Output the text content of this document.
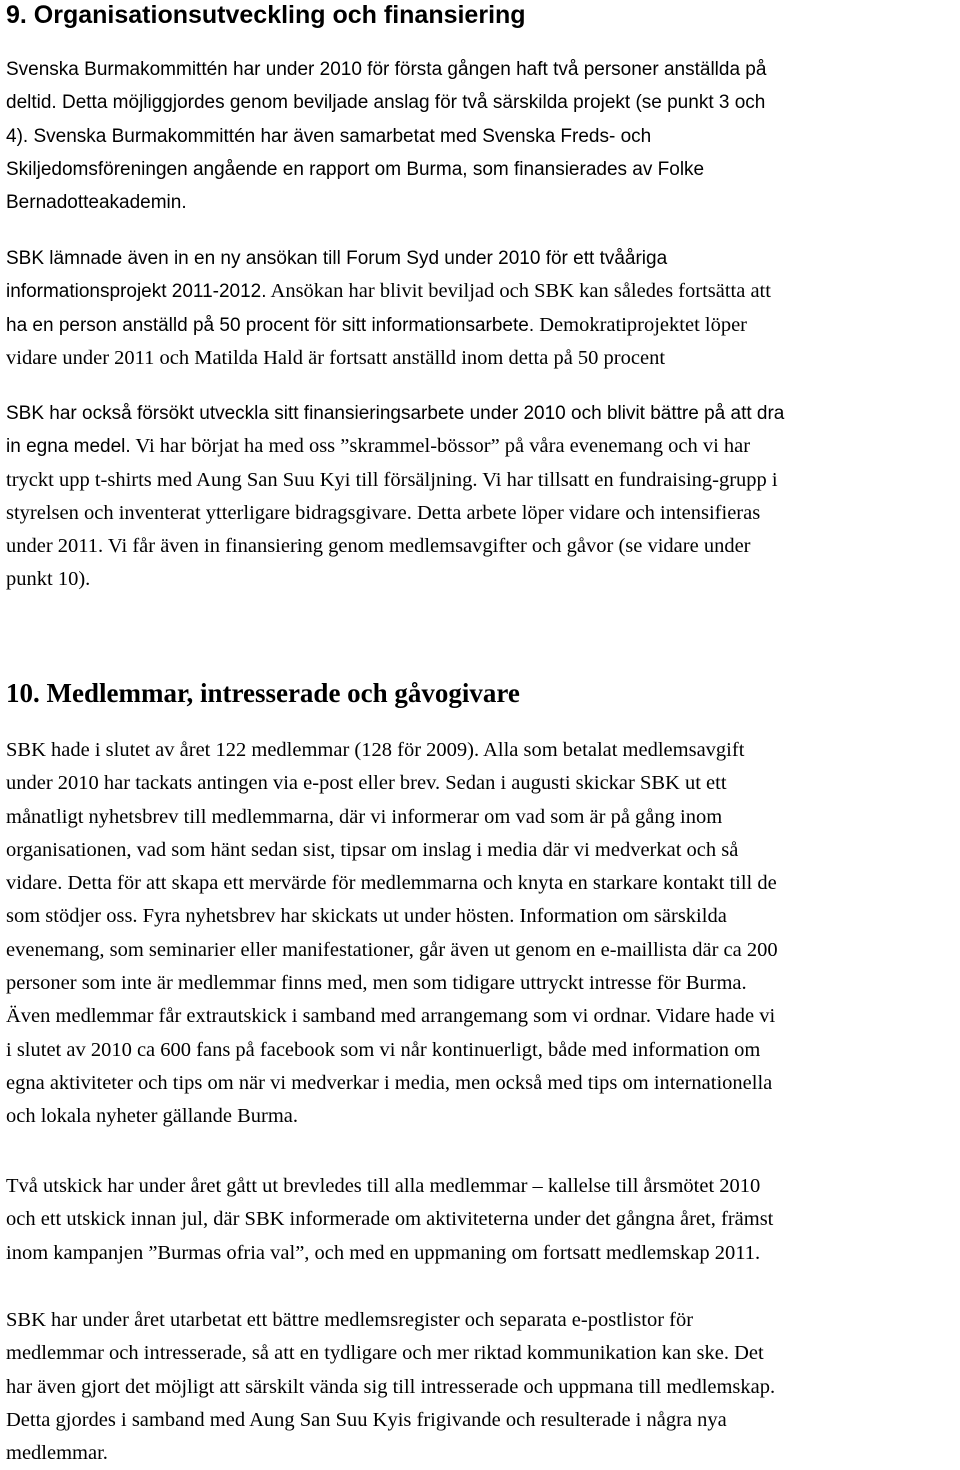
9. Organisationsutveckling och finansiering
Svenska Burmakommittén har under 2010 för första gången haft två personer anställda på
deltid. Detta möjliggjordes genom beviljade anslag för två särskilda projekt (se punkt 3 och
4). Svenska Burmakommittén har även samarbetat med Svenska Freds- och
Skiljedomsföreningen angående en rapport om Burma, som finansierades av Folke
Bernadotteakademin.
SBK lämnade även in en ny ansökan till Forum Syd under 2010 för ett tvååriga
informationsprojekt 2011-2012. Ansökan har blivit beviljad och SBK kan således fortsätta att
ha en person anställd på 50 procent för sitt informationsarbete. Demokratiprojektet löper
vidare under 2011 och Matilda Hald är fortsatt anställd inom detta på 50 procent
SBK har också försökt utveckla sitt finansieringsarbete under 2010 och blivit bättre på att dra
in egna medel. Vi har börjat ha med oss ”skrammel-bössor” på våra evenemang och vi har
tryckt upp t-shirts med Aung San Suu Kyi till försäljning. Vi har tillsatt en fundraising-grupp i
styrelsen och inventerat ytterligare bidragsgivare. Detta arbete löper vidare och intensifieras
under 2011. Vi får även in finansiering genom medlemsavgifter och gåvor (se vidare under
punkt 10).
10. Medlemmar, intresserade och gåvogivare
SBK hade i slutet av året 122 medlemmar (128 för 2009). Alla som betalat medlemsavgift
under 2010 har tackats antingen via e-post eller brev. Sedan i augusti skickar SBK ut ett
månatligt nyhetsbrev till medlemmarna, där vi informerar om vad som är på gång inom
organisationen, vad som hänt sedan sist, tipsar om inslag i media där vi medverkat och så
vidare. Detta för att skapa ett mervärde för medlemmarna och knyta en starkare kontakt till de
som stödjer oss. Fyra nyhetsbrev har skickats ut under hösten. Information om särskilda
evenemang, som seminarier eller manifestationer, går även ut genom en e-maillista där ca 200
personer som inte är medlemmar finns med, men som tidigare uttryckt intresse för Burma.
Även medlemmar får extrautskick i samband med arrangemang som vi ordnar. Vidare hade vi
i slutet av 2010 ca 600 fans på facebook som vi når kontinuerligt, både med information om
egna aktiviteter och tips om när vi medverkar i media, men också med tips om internationella
och lokala nyheter gällande Burma.
Två utskick har under året gått ut brevledes till alla medlemmar – kallelse till årsmötet 2010
och ett utskick innan jul, där SBK informerade om aktiviteterna under det gångna året, främst
inom kampanjen ”Burmas ofria val”, och med en uppmaning om fortsatt medlemskap 2011.
SBK har under året utarbetat ett bättre medlemsregister och separata e-postlistor för
medlemmar och intresserade, så att en tydligare och mer riktad kommunikation kan ske. Det
har även gjort det möjligt att särskilt vända sig till intresserade och uppmana till medlemskap.
Detta gjordes i samband med Aung San Suu Kyis frigivande och resulterade i några nya
medlemmar.
